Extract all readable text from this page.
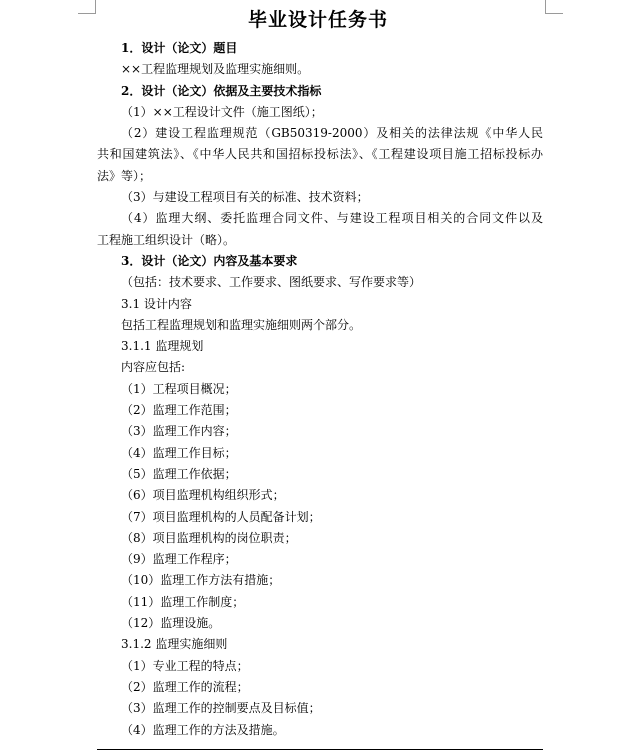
毕业设计任务书
1．设计（论文）题目
××工程监理规划及监理实施细则。
2．设计（论文）依据及主要技术指标
（1）××工程设计文件（施工图纸）；
（2）建设工程监理规范（GB50319-2000）及相关的法律法规《中华人民
共和国建筑法》、《中华人民共和国招标投标法》、《工程建设项目施工招标投标办
法》等）；
（3）与建设工程项目有关的标准、技术资料；
（4）监理大纲、委托监理合同文件、与建设工程项目相关的合同文件以及
工程施工组织设计（略）。
3．设计（论文）内容及基本要求
（包括：技术要求、工作要求、图纸要求、写作要求等）
3.1 设计内容
包括工程监理规划和监理实施细则两个部分。
3.1.1 监理规划
内容应包括:
（1）工程项目概况；
（2）监理工作范围；
（3）监理工作内容；
（4）监理工作目标；
（5）监理工作依据；
（6）项目监理机构组织形式；
（7）项目监理机构的人员配备计划；
（8）项目监理机构的岗位职责；
（9）监理工作程序；
（10）监理工作方法有措施；
（11）监理工作制度；
（12）监理设施。
3.1.2 监理实施细则
（1）专业工程的特点；
（2）监理工作的流程；
（3）监理工作的控制要点及目标值；
（4）监理工作的方法及措施。
